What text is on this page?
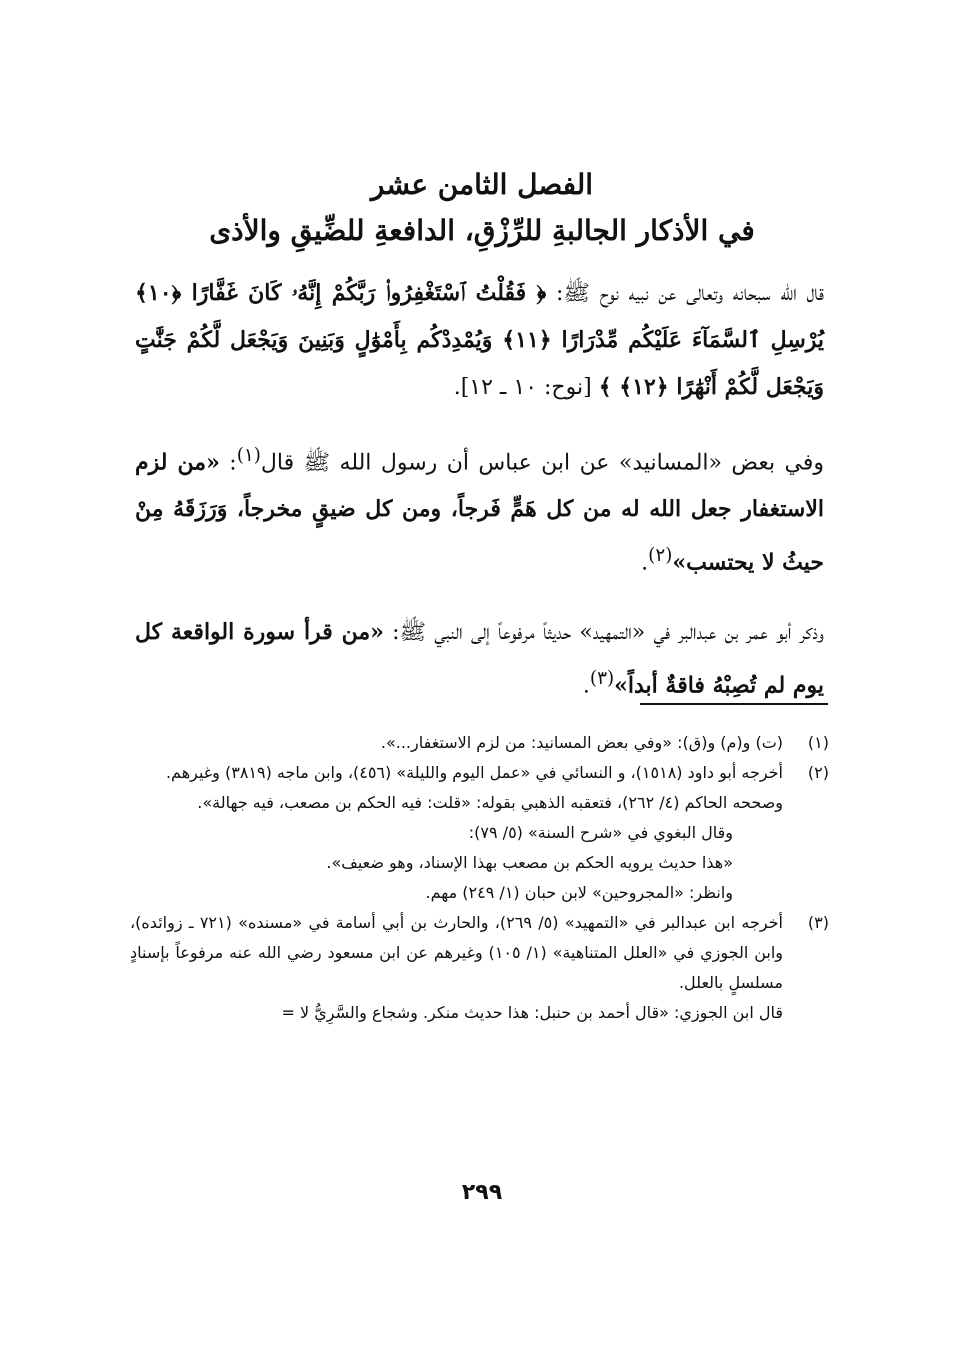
الفصل الثامن عشر
في الأذكار الجالبةِ للرِّزْقِ، الدافعةِ للضِّيقِ والأذى

قال الله سبحانه وتعالى عن نبيه نوح ﷺ: ﴿ فَقُلْتُ ٱسْتَغْفِرُوا۟ رَبَّكُمْ إِنَّهُۥ كَانَ غَفَّارًا ﴿١٠﴾ يُرْسِلِ ٱلسَّمَآءَ عَلَيْكُم مِّدْرَارًا ﴿١١﴾ وَيُمْدِدْكُم بِأَمْوَٰلٍ وَبَنِينَ وَيَجْعَل لَّكُمْ جَنَّٰتٍ وَيَجْعَل لَّكُمْ أَنْهَٰرًا ﴿١٢﴾ ﴾ [نوح: ١٠ ـ ١٢].

وفي بعض «المسانيد» عن ابن عباس أن رسول الله ﷺ قال$^{(١)}$: «من لزم الاستغفار جعل الله له من كل هَمٍّ فَرجاً، ومن كل ضيقٍ مخرجاً، وَرَزَقَهُ مِنْ حيثُ لا يحتسب»$^{(٢)}$.

وذكر أبو عمر بن عبدالبر في «التمهيد» حديثاً مرفوعاً إلى النبي ﷺ: «من قرأ سورة الواقعة كل يوم لم تُصِبْهُ فاقةٌ أبداً»$^{(٣)}$.

(١)
(ت) و(م) و(ق): «وفي بعض المسانيد: من لزم الاستغفار...».
(٢)
أخرجه أبو داود (١٥١٨)، و النسائي في «عمل اليوم والليلة» (٤٥٦)، وابن ماجه (٣٨١٩) وغيرهم.

وصححه الحاكم (٤/ ٢٦٢)، فتعقبه الذهبي بقوله: «قلت: فيه الحكم بن مصعب، فيه جهالة».

وقال البغوي في «شرح السنة» (٥/ ٧٩):

«هذا حديث يرويه الحكم بن مصعب بهذا الإسناد، وهو ضعيف».

وانظر: «المجروحين» لابن حبان (١/ ٢٤٩) مهم.

(٣)
أخرجه ابن عبدالبر في «التمهيد» (٥/ ٢٦٩)، والحارث بن أبي أسامة في «مسنده» (٧٢١ ـ زوائده)، وابن الجوزي في «العلل المتناهية» (١/ ١٠٥) وغيرهم عن ابن مسعود رضي الله عنه مرفوعاً بإسنادٍ مسلسلٍ بالعلل.

قال ابن الجوزي: «قال أحمد بن حنبل: هذا حديث منكر. وشجاع والسَّرِيُّ لا =

٢٩٩
